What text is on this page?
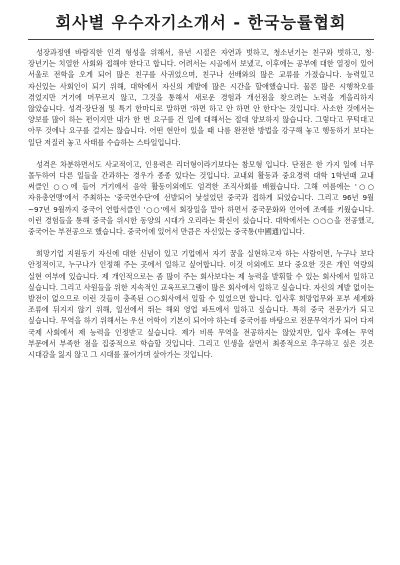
회사별 우수자기소개서 - 한국능률협회

성장과정엔 바람직한 인격 형성을 위해서, 유년 시절은 자연과 벗하고, 청소년기는 친구와 벗하고, 청·장년기는 치열한 사회와 접해야 한다고 합니다. 어려서는 시골에서 보냈고, 이후에는 공부에 대한 열정이 있어 서울로 전학을 오게 되어 많은 친구를 사귀었으며, 친구나 선배와의 많은 교류를 가졌습니다. 능력있고 자신있는 사회인이 되기 위해, 대학에서 자신의 계발에 많은 시간을 할애했습니다. 물론 많은 시행착오를 겪었지만 거기에 머무르지 않고, 그것을 통해서 새로운 경험과 개선점을 찾으려는 노력을 게을리하지 않았습니다. 성격·장단점 및 특기 한마디로 말하면 '하면 하고 안 하면 안 한다'는 것입니다. 사소한 것에서는 양보를 많이 하는 편이지만 내가 한 번 요구를 건 일에 대해서는 절대 양보하지 않습니다. 그렇다고 무턱대고 아무 것에나 요구를 걸지는 않습니다. 어떤 현안이 있을 때 나름 완전한 방법을 강구해 놓고 행동하기 보다는 일단 저질러 놓고 사태를 수습하는 스타일입니다.

성격은 차분하면서도 사교적이고, 인용력은 리더형이라기보다는 참모형 입니다. 단점은 한 가지 일에 너무 몰두하여 다른 일들을 간과하는 경우가 종종 있다는 것입니다. 교내외 활동과 중요경력 대학 1학년때 교내 써클인 ○○에 들어 거기에서 음악 활동이외에도 엄격한 조직사회를 배웠습니다. 그해 여름에는 '○○자유총연맹'에서 주최하는 '중국연수단'에 선발되어 낯설었던 중국과 접하게 되었습니다. 그리고 96년 9월~97년 9월까지 중국어 연합서클인 '○○'에서 회장일을 맡아 하면서 중국문화와 언어에 조예를 키웠습니다. 이런 경험들을 통해 중국을 위시한 동양의 시대가 오리라는 확신이 섰습니다. 대학에서는 ○○○을 전공했고, 중국어는 부전공으로 했습니다. 중국어에 있어서 만큼은 자신있는 중국통(中國通)입니다.

희망기업 지원동기 자신에 대한 신념이 있고 기업에서 자기 꿈을 실현하고자 하는 사람이면, 누구나 보다 안정적이고, 누구나가 인정해 주는 곳에서 일하고 싶어합니다. 이것 이외에도 보다 중요한 것은 개인 역량의 실현 여부에 있습니다. 제 개인적으로는 좀 많이 주는 회사보다는 제 능력을 발휘할 수 있는 회사에서 일하고 싶습니다. 그리고 사원들을 위한 지속적인 교육프로그램이 많은 회사에서 일하고 싶습니다. 자신의 계발 없이는 발전이 없으므로 이런 것들이 충족된 ○○회사에서 일할 수 있었으면 합니다. 입사후 희망업무와 포부 세계화 조류에 뒤지지 않기 위해, 일선에서 뛰는 해외 영업 파트에서 일하고 싶습니다. 특히 중국 전문가가 되고 싶습니다. 무역을 하기 위해서는 우선 어학이 기본이 되어야 하는데 중국어를 바탕으로 전문무역가가 되어 다져 국제 사회에서 제 능력을 인정받고 싶습니다. 제가 비록 무역을 전공하지는 않았지만, 입사 후에는 무역 부문에서 부족한 점을 집중적으로 학습할 것입니다. 그리고 인생을 살면서 최종적으로 추구하고 싶은 것은 시대감을 잃지 않고 그 시대를 풀어가며 살아가는 것입니다.
